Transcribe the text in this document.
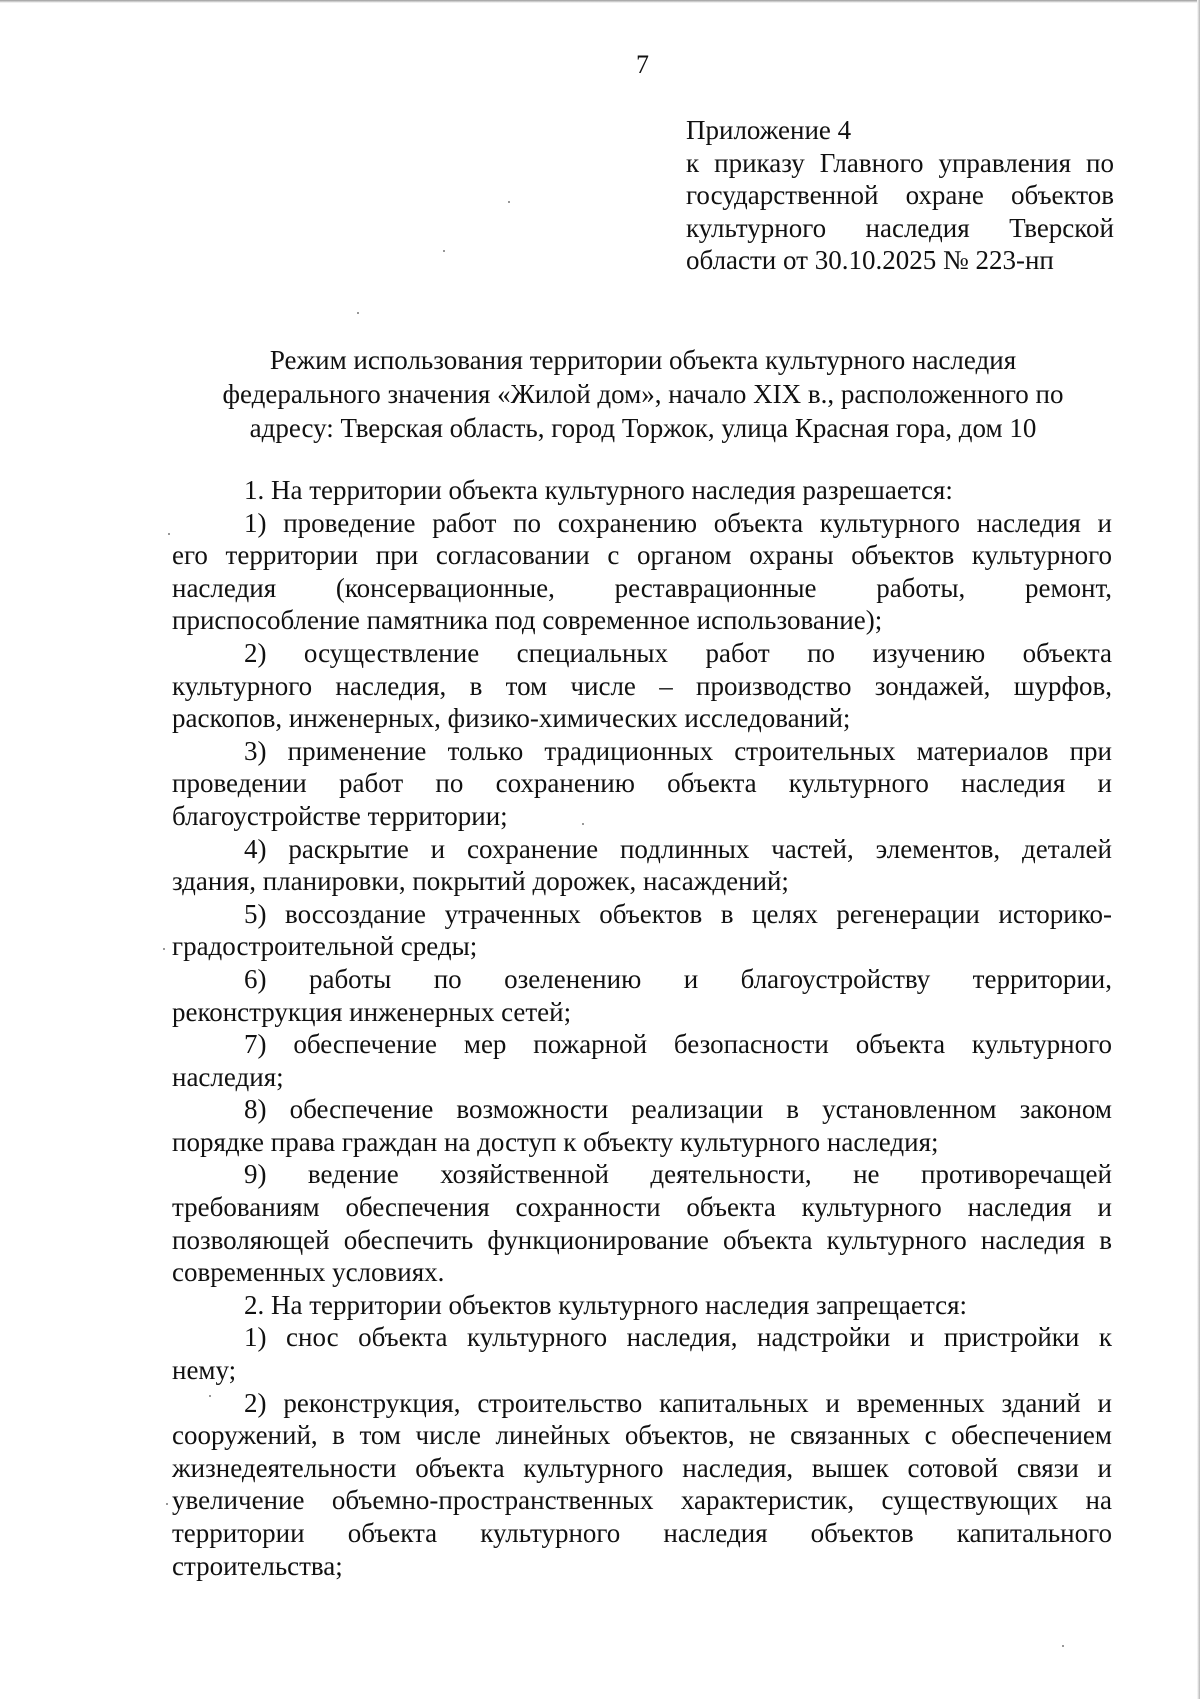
7
Приложение 4
к приказу Главного управления по
государственной охране объектов
культурного наследия Тверской
области от 30.10.2025 № 223-нп
Режим использования территории объекта культурного наследия
федерального значения «Жилой дом», начало XIX в., расположенного по
адресу: Тверская область, город Торжок, улица Красная гора, дом 10
1. На территории объекта культурного наследия разрешается:
1) проведение работ по сохранению объекта культурного наследия и
его территории при согласовании с органом охраны объектов культурного
наследия (консервационные, реставрационные работы, ремонт,
приспособление памятника под современное использование);
2) осуществление специальных работ по изучению объекта
культурного наследия, в том числе – производство зондажей, шурфов,
раскопов, инженерных, физико-химических исследований;
3) применение только традиционных строительных материалов при
проведении работ по сохранению объекта культурного наследия и
благоустройстве территории;
4) раскрытие и сохранение подлинных частей, элементов, деталей
здания, планировки, покрытий дорожек, насаждений;
5) воссоздание утраченных объектов в целях регенерации историко-
градостроительной среды;
6) работы по озеленению и благоустройству территории,
реконструкция инженерных сетей;
7) обеспечение мер пожарной безопасности объекта культурного
наследия;
8) обеспечение возможности реализации в установленном законом
порядке права граждан на доступ к объекту культурного наследия;
9) ведение хозяйственной деятельности, не противоречащей
требованиям обеспечения сохранности объекта культурного наследия и
позволяющей обеспечить функционирование объекта культурного наследия в
современных условиях.
2. На территории объектов культурного наследия запрещается:
1) снос объекта культурного наследия, надстройки и пристройки к
нему;
2) реконструкция, строительство капитальных и временных зданий и
сооружений, в том числе линейных объектов, не связанных с обеспечением
жизнедеятельности объекта культурного наследия, вышек сотовой связи и
увеличение объемно-пространственных характеристик, существующих на
территории объекта культурного наследия объектов капитального
строительства;
